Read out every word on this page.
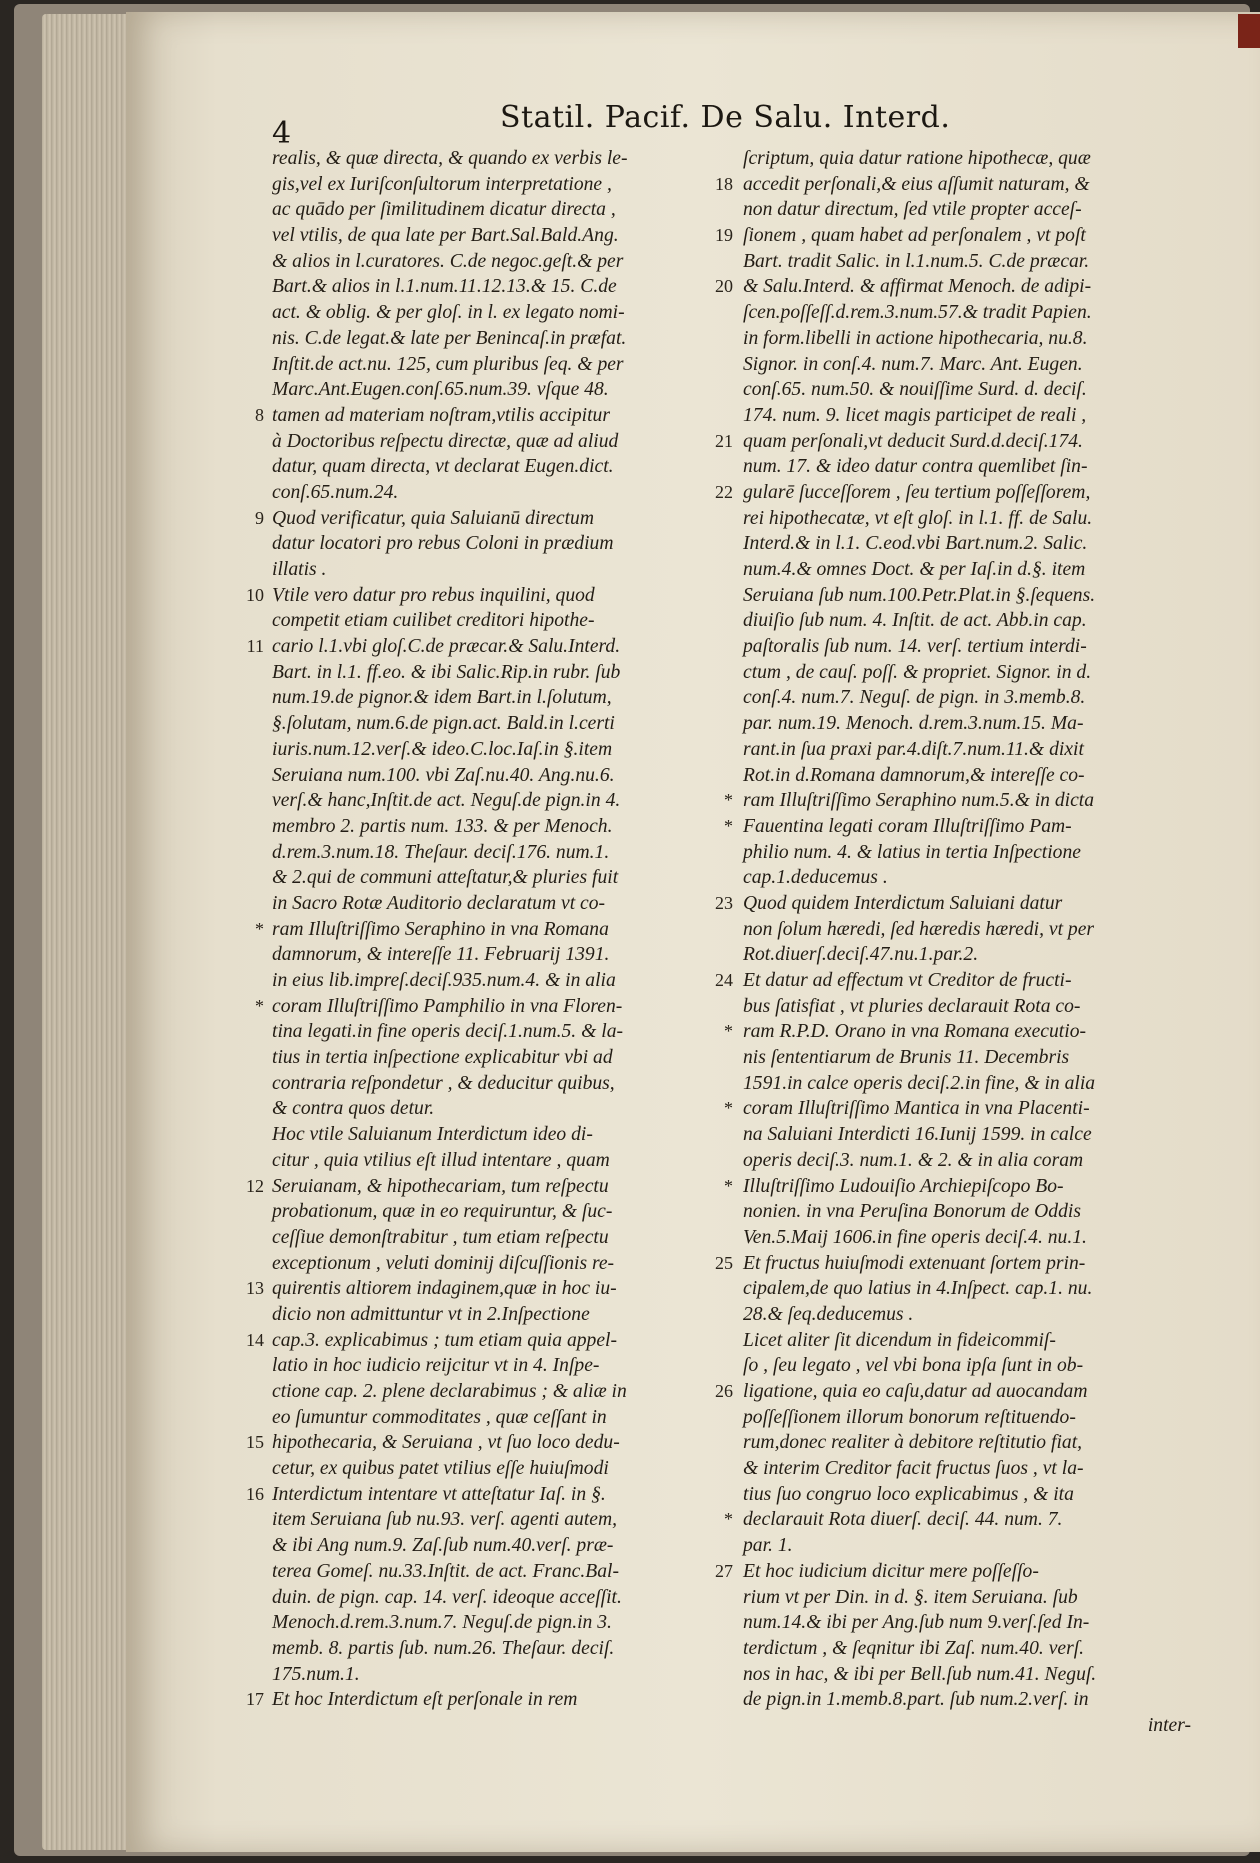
4	Statil. Pacif. De Salu. Interd.
realis, & quæ directa, & quando ex verbis le-
gis,vel ex Iuriſconſultorum interpretatione ,
ac quādo per ſimilitudinem dicatur directa ,
vel vtilis, de qua late per Bart.Sal.Bald.Ang.
& alios in l.curatores. C.de negoc.geſt.& per
Bart.& alios in l.1.num.11.12.13.& 15. C.de
act. & oblig. & per gloſ. in l. ex legato nomi-
nis. C.de legat.& late per Benincaſ.in præfat.
Inſtit.de act.nu. 125, cum pluribus ſeq. & per
Marc.Ant.Eugen.conſ.65.num.39. vſque 48.
8 tamen ad materiam noſtram,vtilis accipitur
à Doctoribus reſpectu directæ, quæ ad aliud
datur, quam directa, vt declarat Eugen.dict.
conſ.65.num.24.
9 Quod verificatur, quia Saluianū directum
datur locatori pro rebus Coloni in prædium
illatis .
10 Vtile vero datur pro rebus inquilini, quod
competit etiam cuilibet creditori hipothe-
11 cario l.1.vbi gloſ.C.de præcar.& Salu.Interd.
Bart. in l.1. ff.eo. & ibi Salic.Rip.in rubr. ſub
num.19.de pignor.& idem Bart.in l.ſolutum,
§.ſolutam, num.6.de pign.act. Bald.in l.certi
iuris.num.12.verſ.& ideo.C.loc.Iaſ.in §.item
Seruiana num.100. vbi Zaſ.nu.40. Ang.nu.6.
verſ.& hanc,Inſtit.de act. Neguſ.de pign.in 4.
membro 2. partis num. 133. & per Menoch.
d.rem.3.num.18. Theſaur. deciſ.176. num.1.
& 2.qui de communi atteſtatur,& pluries fuit
in Sacro Rotæ Auditorio declaratum vt co-
* ram Illuſtriſſimo Seraphino in vna Romana
damnorum, & intereſſe 11. Februarij 1391.
in eius lib.impreſ.deciſ.935.num.4. & in alia
* coram Illuſtriſſimo Pamphilio in vna Floren-
tina legati.in fine operis deciſ.1.num.5. & la-
tius in tertia inſpectione explicabitur vbi ad
contraria reſpondetur , & deducitur quibus,
& contra quos detur.
Hoc vtile Saluianum Interdictum ideo di-
citur , quia vtilius eſt illud intentare , quam
12 Seruianam, & hipothecariam, tum reſpectu
probationum, quæ in eo requiruntur, & ſuc-
ceſſiue demonſtrabitur , tum etiam reſpectu
exceptionum , veluti dominij diſcuſſionis re-
13 quirentis altiorem indaginem,quæ in hoc iu-
dicio non admittuntur vt in 2.Inſpectione
14 cap.3. explicabimus ; tum etiam quia appel-
latio in hoc iudicio reijcitur vt in 4. Inſpe-
ctione cap. 2. plene declarabimus ; & aliæ in
eo ſumuntur commoditates , quæ ceſſant in
15 hipothecaria, & Seruiana , vt ſuo loco dedu-
cetur, ex quibus patet vtilius eſſe huiuſmodi
16 Interdictum intentare vt atteſtatur Iaſ. in §.
item Seruiana ſub nu.93. verſ. agenti autem,
& ibi Ang num.9. Zaſ.ſub num.40.verſ. præ-
terea Gomeſ. nu.33.Inſtit. de act. Franc.Bal-
duin. de pign. cap. 14. verſ. ideoque acceſſit.
Menoch.d.rem.3.num.7. Neguſ.de pign.in 3.
memb. 8. partis ſub. num.26. Theſaur. deciſ.
175.num.1.
17 Et hoc Interdictum eſt perſonale in rem
ſcriptum, quia datur ratione hipothecæ, quæ
18 accedit perſonali,& eius aſſumit naturam, &
non datur directum, ſed vtile propter acceſ-
19 ſionem , quam habet ad perſonalem , vt poſt
Bart. tradit Salic. in l.1.num.5. C.de præcar.
20 & Salu.Interd. & affirmat Menoch. de adipi-
ſcen.poſſeſſ.d.rem.3.num.57.& tradit Papien.
in form.libelli in actione hipothecaria, nu.8.
Signor. in conſ.4. num.7. Marc. Ant. Eugen.
conſ.65. num.50. & nouiſſime Surd. d. deciſ.
174. num. 9. licet magis participet de reali ,
21 quam perſonali,vt deducit Surd.d.deciſ.174.
num. 17. & ideo datur contra quemlibet ſin-
22 gularē ſucceſſorem , ſeu tertium poſſeſſorem,
rei hipothecatæ, vt eſt gloſ. in l.1. ff. de Salu.
Interd.& in l.1. C.eod.vbi Bart.num.2. Salic.
num.4.& omnes Doct. & per Iaſ.in d.§. item
Seruiana ſub num.100.Petr.Plat.in §.ſequens.
diuiſio ſub num. 4. Inſtit. de act. Abb.in cap.
paſtoralis ſub num. 14. verſ. tertium interdi-
ctum , de cauſ. poſſ. & propriet. Signor. in d.
conſ.4. num.7. Neguſ. de pign. in 3.memb.8.
par. num.19. Menoch. d.rem.3.num.15. Ma-
rant.in ſua praxi par.4.diſt.7.num.11.& dixit
Rot.in d.Romana damnorum,& intereſſe co-
* ram Illuſtriſſimo Seraphino num.5.& in dicta
* Fauentina legati coram Illuſtriſſimo Pam-
philio num. 4. & latius in tertia Inſpectione
cap.1.deducemus .
23 Quod quidem Interdictum Saluiani datur
non ſolum hæredi, ſed hæredis hæredi, vt per
Rot.diuerſ.deciſ.47.nu.1.par.2.
24 Et datur ad effectum vt Creditor de fructi-
bus ſatisfiat , vt pluries declarauit Rota co-
* ram R.P.D. Orano in vna Romana executio-
nis ſententiarum de Brunis 11. Decembris
1591.in calce operis deciſ.2.in fine, & in alia
* coram Illuſtriſſimo Mantica in vna Placenti-
na Saluiani Interdicti 16.Iunij 1599. in calce
operis deciſ.3. num.1. & 2. & in alia coram
* Illuſtriſſimo Ludouiſio Archiepiſcopo Bo-
nonien. in vna Peruſina Bonorum de Oddis
Ven.5.Maij 1606.in fine operis deciſ.4. nu.1.
25 Et fructus huiuſmodi extenuant ſortem prin-
cipalem,de quo latius in 4.Inſpect. cap.1. nu.
28.& ſeq.deducemus .
Licet aliter ſit dicendum in fideicommiſ-
ſo , ſeu legato , vel vbi bona ipſa ſunt in ob-
26 ligatione, quia eo caſu,datur ad auocandam
poſſeſſionem illorum bonorum reſtituendo-
rum,donec realiter à debitore reſtitutio fiat,
& interim Creditor facit fructus ſuos , vt la-
tius ſuo congruo loco explicabimus , & ita
* declarauit Rota diuerſ. deciſ. 44. num. 7.
par. 1.
27 Et hoc iudicium dicitur mere poſſeſſo-
rium vt per Din. in d. §. item Seruiana. ſub
num.14.& ibi per Ang.ſub num 9.verſ.ſed In-
terdictum , & ſeqnitur ibi Zaſ. num.40. verſ.
nos in hac, & ibi per Bell.ſub num.41. Neguſ.
de pign.in 1.memb.8.part. ſub num.2.verſ. in
inter-
